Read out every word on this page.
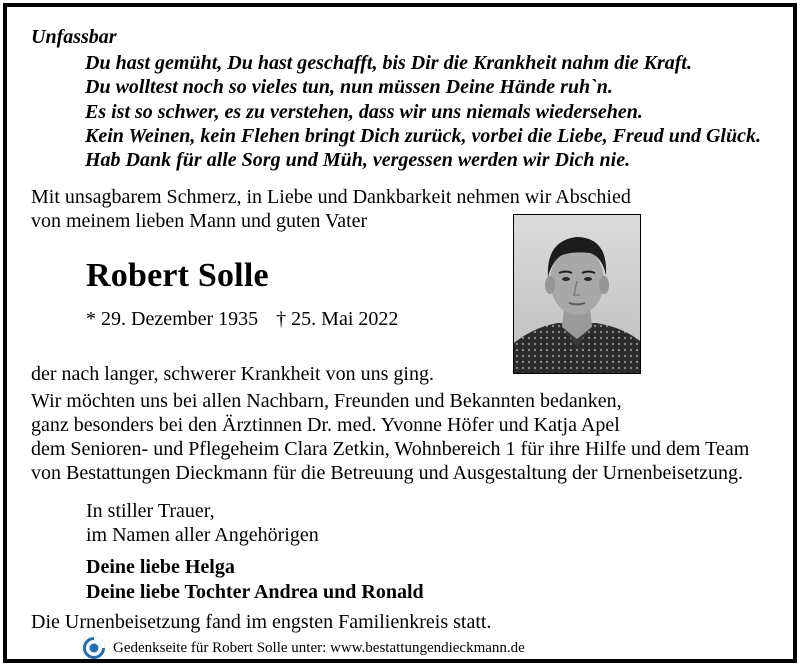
Unfassbar
Du hast gemüht, Du hast geschafft, bis Dir die Krankheit nahm die Kraft.
Du wolltest noch so vieles tun, nun müssen Deine Hände ruh`n.
Es ist so schwer, es zu verstehen, dass wir uns niemals wiedersehen.
Kein Weinen, kein Flehen bringt Dich zurück, vorbei die Liebe, Freud und Glück.
Hab Dank für alle Sorg und Müh, vergessen werden wir Dich nie.
Mit unsagbarem Schmerz, in Liebe und Dankbarkeit nehmen wir Abschied
von meinem lieben Mann und guten Vater
Robert Solle
* 29. Dezember 1935 † 25. Mai 2022
der nach langer, schwerer Krankheit von uns ging.
Wir möchten uns bei allen Nachbarn, Freunden und Bekannten bedanken,
ganz besonders bei den Ärztinnen Dr. med. Yvonne Höfer und Katja Apel
dem Senioren- und Pflegeheim Clara Zetkin, Wohnbereich 1 für ihre Hilfe und dem Team
von Bestattungen Dieckmann für die Betreuung und Ausgestaltung der Urnenbeisetzung.
In stiller Trauer,
im Namen aller Angehörigen
Deine liebe Helga
Deine liebe Tochter Andrea und Ronald
Die Urnenbeisetzung fand im engsten Familienkreis statt.
Gedenkseite für Robert Solle unter: www.bestattungendieckmann.de
